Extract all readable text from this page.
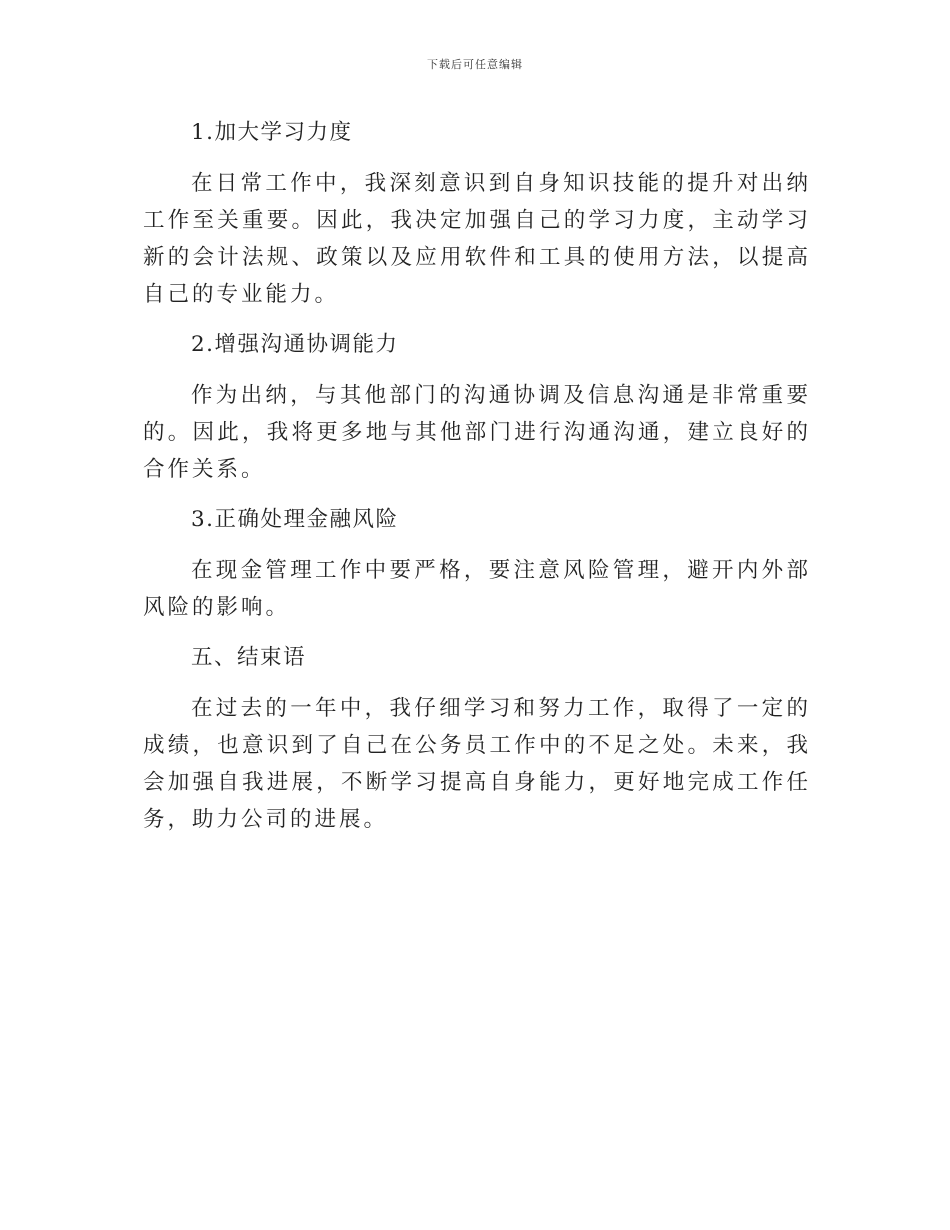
下载后可任意编辑
1.加大学习力度
在日常工作中，我深刻意识到自身知识技能的提升对出纳工作至关重要。因此，我决定加强自己的学习力度，主动学习新的会计法规、政策以及应用软件和工具的使用方法，以提高自己的专业能力。
2.增强沟通协调能力
作为出纳，与其他部门的沟通协调及信息沟通是非常重要的。因此，我将更多地与其他部门进行沟通沟通，建立良好的合作关系。
3.正确处理金融风险
在现金管理工作中要严格，要注意风险管理，避开内外部风险的影响。
五、结束语
在过去的一年中，我仔细学习和努力工作，取得了一定的成绩，也意识到了自己在公务员工作中的不足之处。未来，我会加强自我进展，不断学习提高自身能力，更好地完成工作任务，助力公司的进展。
